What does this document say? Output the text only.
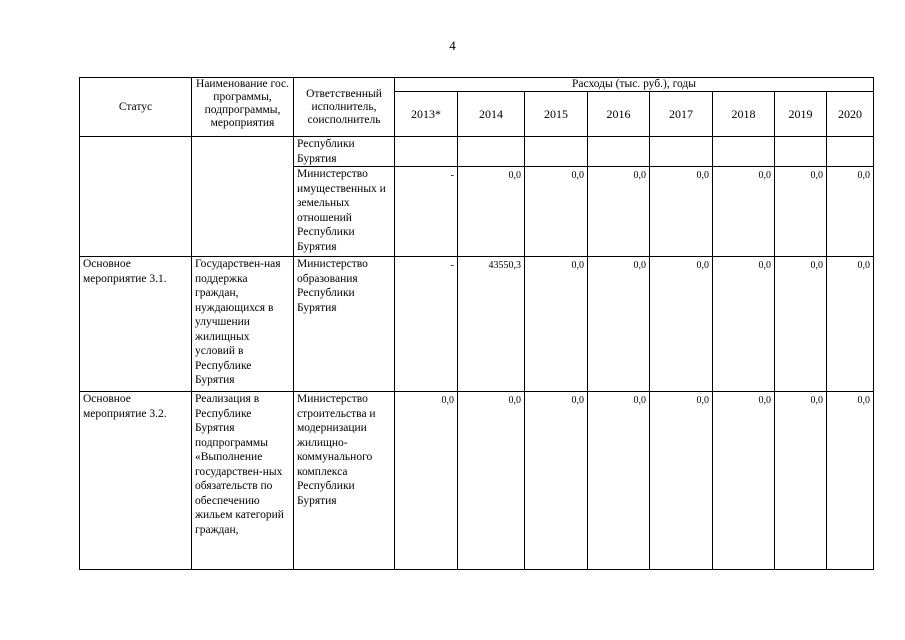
4
Статус	Наименование гос. программы, подпрограммы, мероприятия	Ответственный исполнитель, соисполнитель	Расходы (тыс. руб.), годы							
			2013*	2014	2015	2016	2017	2018	2019	2020
		Республики Бурятия								
		Министерство имущественных и земельных отношений Республики Бурятия	-	0,0	0,0	0,0	0,0	0,0	0,0	0,0
Основное мероприятие 3.1.	Государствен-ная поддержка граждан, нуждающихся в улучшении жилищных условий в Республике Бурятия	Министерство образования Республики Бурятия	-	43550,3	0,0	0,0	0,0	0,0	0,0	0,0
Основное мероприятие 3.2.	Реализация в Республике Бурятия подпрограммы «Выполнение государствен-ных обязательств по обеспечению жильем категорий граждан,	Министерство строительства и модернизации жилищно-коммунального комплекса Республики Бурятия	0,0	0,0	0,0	0,0	0,0	0,0	0,0	0,0
